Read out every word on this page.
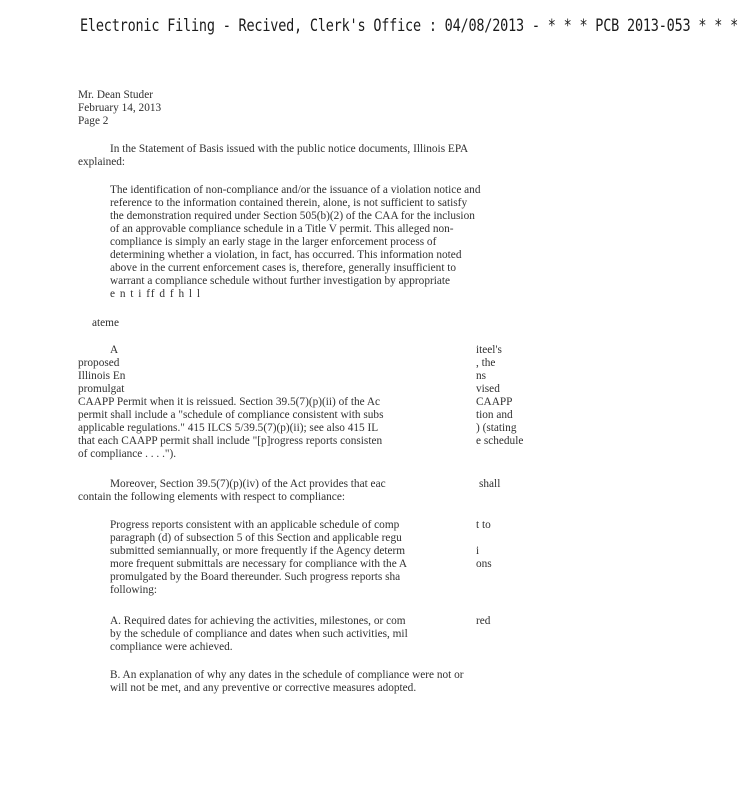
Electronic Filing - Recived, Clerk's Office : 04/08/2013 - * * * PCB 2013-053 * * *
Mr. Dean Studer
February 14, 2013
Page 2
In the Statement of Basis issued with the public notice documents, Illinois EPA
explained:
The identification of non-compliance and/or the issuance of a violation notice and
reference to the information contained therein, alone, is not sufficient to satisfy
the demonstration required under Section 505(b)(2) of the CAA for the inclusion
of an approvable compliance schedule in a Title V permit. This alleged non-
compliance is simply an early stage in the larger enforcement process of
determining whether a violation, in fact, has occurred. This information noted
above in the current enforcement cases is, therefore, generally insufficient to
warrant a compliance schedule without further investigation by appropriate
e n t i ff d f h l l
ateme
A
proposed
Illinois En
promulgat
CAAPP Permit when it is reissued. Section 39.5(7)(p)(ii) of the Ac
permit shall include a "schedule of compliance consistent with subs
applicable regulations." 415 ILCS 5/39.5(7)(p)(ii); see also 415 IL
that each CAAPP permit shall include "[p]rogress reports consisten
of compliance . . . .").
iteel's
, the
ns
vised
CAAPP
tion and
) (stating
e schedule
Moreover, Section 39.5(7)(p)(iv) of the Act provides that eac
contain the following elements with respect to compliance:
shall
Progress reports consistent with an applicable schedule of comp
paragraph (d) of subsection 5 of this Section and applicable regu
submitted semiannually, or more frequently if the Agency determ
more frequent submittals are necessary for compliance with the A
promulgated by the Board thereunder. Such progress reports sha
following:
t to
i
ons
A. Required dates for achieving the activities, milestones, or com
by the schedule of compliance and dates when such activities, mil
compliance were achieved.
red
B. An explanation of why any dates in the schedule of compliance were not or
will not be met, and any preventive or corrective measures adopted.
